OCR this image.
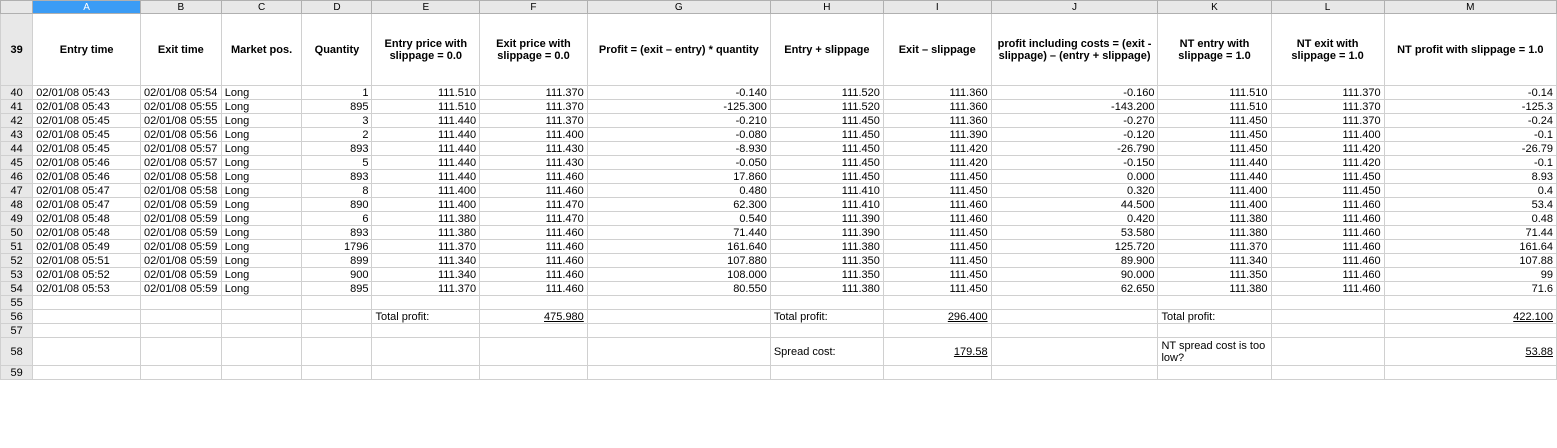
	A	B	C	D	E	F	G	H	I	J	K	L	M
39	Entry time	Exit time	Market pos.	Quantity	Entry price with slippage = 0.0	Exit price with slippage = 0.0	Profit = (exit – entry) * quantity	Entry + slippage	Exit – slippage	profit including costs = (exit - slippage) – (entry + slippage)	NT entry with slippage = 1.0	NT exit with slippage = 1.0	NT profit with slippage = 1.0
40	02/01/08 05:43	02/01/08 05:54	Long	1	111.510	111.370	-0.140	111.520	111.360	-0.160	111.510	111.370	-0.14
41	02/01/08 05:43	02/01/08 05:55	Long	895	111.510	111.370	-125.300	111.520	111.360	-143.200	111.510	111.370	-125.3
42	02/01/08 05:45	02/01/08 05:55	Long	3	111.440	111.370	-0.210	111.450	111.360	-0.270	111.450	111.370	-0.24
43	02/01/08 05:45	02/01/08 05:56	Long	2	111.440	111.400	-0.080	111.450	111.390	-0.120	111.450	111.400	-0.1
44	02/01/08 05:45	02/01/08 05:57	Long	893	111.440	111.430	-8.930	111.450	111.420	-26.790	111.450	111.420	-26.79
45	02/01/08 05:46	02/01/08 05:57	Long	5	111.440	111.430	-0.050	111.450	111.420	-0.150	111.440	111.420	-0.1
46	02/01/08 05:46	02/01/08 05:58	Long	893	111.440	111.460	17.860	111.450	111.450	0.000	111.440	111.450	8.93
47	02/01/08 05:47	02/01/08 05:58	Long	8	111.400	111.460	0.480	111.410	111.450	0.320	111.400	111.450	0.4
48	02/01/08 05:47	02/01/08 05:59	Long	890	111.400	111.470	62.300	111.410	111.460	44.500	111.400	111.460	53.4
49	02/01/08 05:48	02/01/08 05:59	Long	6	111.380	111.470	0.540	111.390	111.460	0.420	111.380	111.460	0.48
50	02/01/08 05:48	02/01/08 05:59	Long	893	111.380	111.460	71.440	111.390	111.450	53.580	111.380	111.460	71.44
51	02/01/08 05:49	02/01/08 05:59	Long	1796	111.370	111.460	161.640	111.380	111.450	125.720	111.370	111.460	161.64
52	02/01/08 05:51	02/01/08 05:59	Long	899	111.340	111.460	107.880	111.350	111.450	89.900	111.340	111.460	107.88
53	02/01/08 05:52	02/01/08 05:59	Long	900	111.340	111.460	108.000	111.350	111.450	90.000	111.350	111.460	99
54	02/01/08 05:53	02/01/08 05:59	Long	895	111.370	111.460	80.550	111.380	111.450	62.650	111.380	111.460	71.6
55													
56					Total profit:	475.980		Total profit:	296.400		Total profit:		422.100
57													
58								Spread cost:	179.58		NT spread cost is too low?		53.88
59													
